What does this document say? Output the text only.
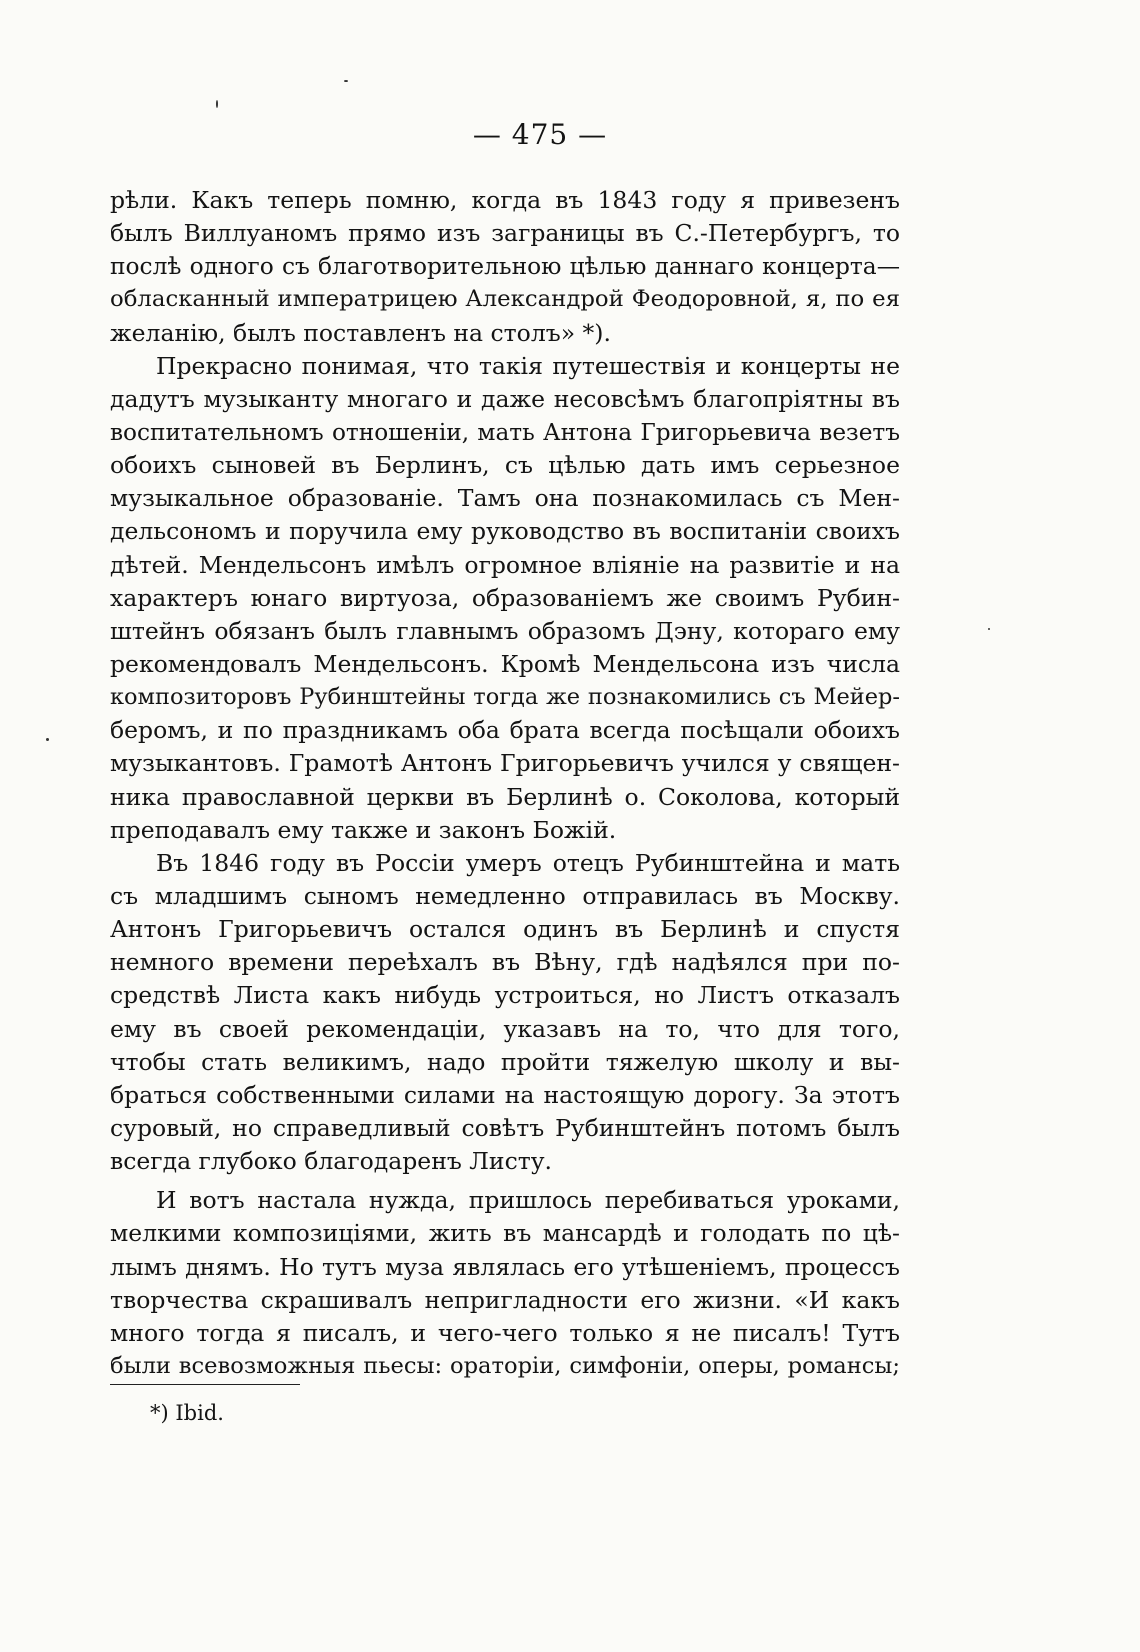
— 475 —
рѣли. Какъ теперь помню, когда въ 1843 году я привезенъ
былъ Виллуаномъ прямо изъ заграницы въ С.-Петербургъ, то
послѣ одного съ благотворительною цѣлью даннаго концерта—
обласканный императрицею Александрой Феодоровной, я, по ея
желанію, былъ поставленъ на столъ» *).
Прекрасно понимая, что такія путешествія и концерты не
дадутъ музыканту многаго и даже несовсѣмъ благопріятны въ
воспитательномъ отношеніи, мать Антона Григорьевича везетъ
обоихъ сыновей въ Берлинъ, съ цѣлью дать имъ серьезное
музыкальное образованіе. Тамъ она познакомилась съ Мен-
дельсономъ и поручила ему руководство въ воспитаніи своихъ
дѣтей. Мендельсонъ имѣлъ огромное вліяніе на развитіе и на
характеръ юнаго виртуоза, образованіемъ же своимъ Рубин-
штейнъ обязанъ былъ главнымъ образомъ Дэну, котораго ему
рекомендовалъ Мендельсонъ. Кромѣ Мендельсона изъ числа
композиторовъ Рубинштейны тогда же познакомились съ Мейер-
беромъ, и по праздникамъ оба брата всегда посѣщали обоихъ
музыкантовъ. Грамотѣ Антонъ Григорьевичъ учился у священ-
ника православной церкви въ Берлинѣ о. Соколова, который
преподавалъ ему также и законъ Божій.
Въ 1846 году въ Россіи умеръ отецъ Рубинштейна и мать
съ младшимъ сыномъ немедленно отправилась въ Москву.
Антонъ Григорьевичъ остался одинъ въ Берлинѣ и спустя
немного времени переѣхалъ въ Вѣну, гдѣ надѣялся при по-
средствѣ Листа какъ нибудь устроиться, но Листъ отказалъ
ему въ своей рекомендаціи, указавъ на то, что для того,
чтобы стать великимъ, надо пройти тяжелую школу и вы-
браться собственными силами на настоящую дорогу. За этотъ
суровый, но справедливый совѣтъ Рубинштейнъ потомъ былъ
всегда глубоко благодаренъ Листу.
И вотъ настала нужда, пришлось перебиваться уроками,
мелкими композиціями, жить въ мансардѣ и голодать по цѣ-
лымъ днямъ. Но тутъ муза являлась его утѣшеніемъ, процессъ
творчества скрашивалъ непригладности его жизни. «И какъ
много тогда я писалъ, и чего-чего только я не писалъ! Тутъ
были всевозможныя пьесы: ораторіи, симфоніи, оперы, романсы;
*) Ibid.
